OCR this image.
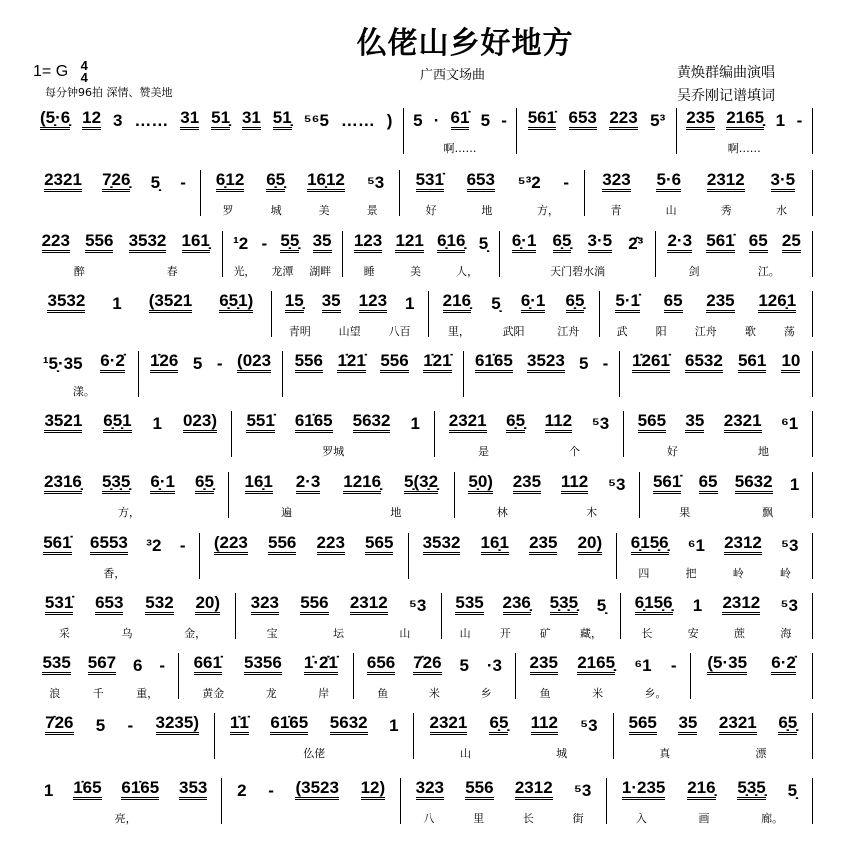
仫佬山乡好地方
1= G 4
4
每分钟96拍 深情、赞美地
广西文场曲	黄焕群编曲演唱
吴乔刚记谱填词
(5̣·6̣ 12 3 …… 31 51̣ 31 51̣ ⁵⁶5 …… ) 5 · 61̇ 5 -
啊……
561̇ 653 223 5³ 235 2165̣̣ 1 -
啊……
2321 7̣26̣ 5̣ - 6̣12 6̣5̣ 16̣12 ⁵3
罗	城	美	景
531̇ 653 ⁵³2 -
好	地	方，
323 5·6 2312 3·5
青	山	秀	水
223 556 3532 161̣
醉	春
¹2 - 5̣5̣ 35
光， 龙潭 湖畔
123 121 6̣16̣ 5̣
睡	美	人，
6̣·1 6̣5̣ 3·5 2̂³
天门碧水淌
2·3 561̇ 65 25
剑	江。
3532 1 (3521 6̣5̣1) 15̣ 35 123 1
青明	山望	八百
216̣ 5̣ 6̣·1 6̣5̣
里，	武阳	江舟
5·1̇ 65 235 126̣1
武	阳	江舟	歌	荡
¹5̣·35 6·2̇
漾。
1̇26 5 - (023 556 1̇21̇ 556 1̇21̇ 61̇65 3523 5 - 1̇261̇ 6532 561 10
3521 6̣5̣1 1 023) 551̇ 61̇65 5632 1
罗城
2321 6̣5̣ 112 ⁵3
是	个
565 35 2321 ⁶1
好	地
2316̣ 5̣3̣5̣ 6̣·1 6̣5̣
方，
16̣1 2·3 1216̣ 5̣(3̣2̣
遍	地
5̣0) 235 112 ⁵3
林	木
561̇ 65 5632 1
果	飘
561̇ 6553 ³2 -
香，
(223 556 223 565 3532 16̣1 235 20) 6̣15̣6̣ ⁶1 2312 ⁵3
四	把	岭	岭
531̇ 653 532 20)
采	乌	金，
323 556 2312 ⁵3
宝	坛	山
535 236̣ 5̣3̣5̣ 5̣
山	开	矿	藏，
6̣15̣6̣ 1 2312 ⁵3
长	安	蔗	海
535 567 6 -
浪	千	重，
661̇ 5356 1̇·2̇1̇
黄金	龙	岸
656 7̇26 5 ·3
鱼	米	乡
235 2165̣̣ ⁶1 -
鱼	米	乡。
(5·35 6·2̇
7̇26 5 - 3235) 1̇1̇ 61̇65 5632 1
仫佬
2321 6̣5̣ 112 ⁵3
山	城
565 35 2321 6̣5̣
真	漂
1 1̇65 61̇65 353
亮，
2 - (3523 12) 323 556 2312 ⁵3
八	里	长	街
1·235 216̣ 5̣3̣5̣ 5̣
入	画	廊。
